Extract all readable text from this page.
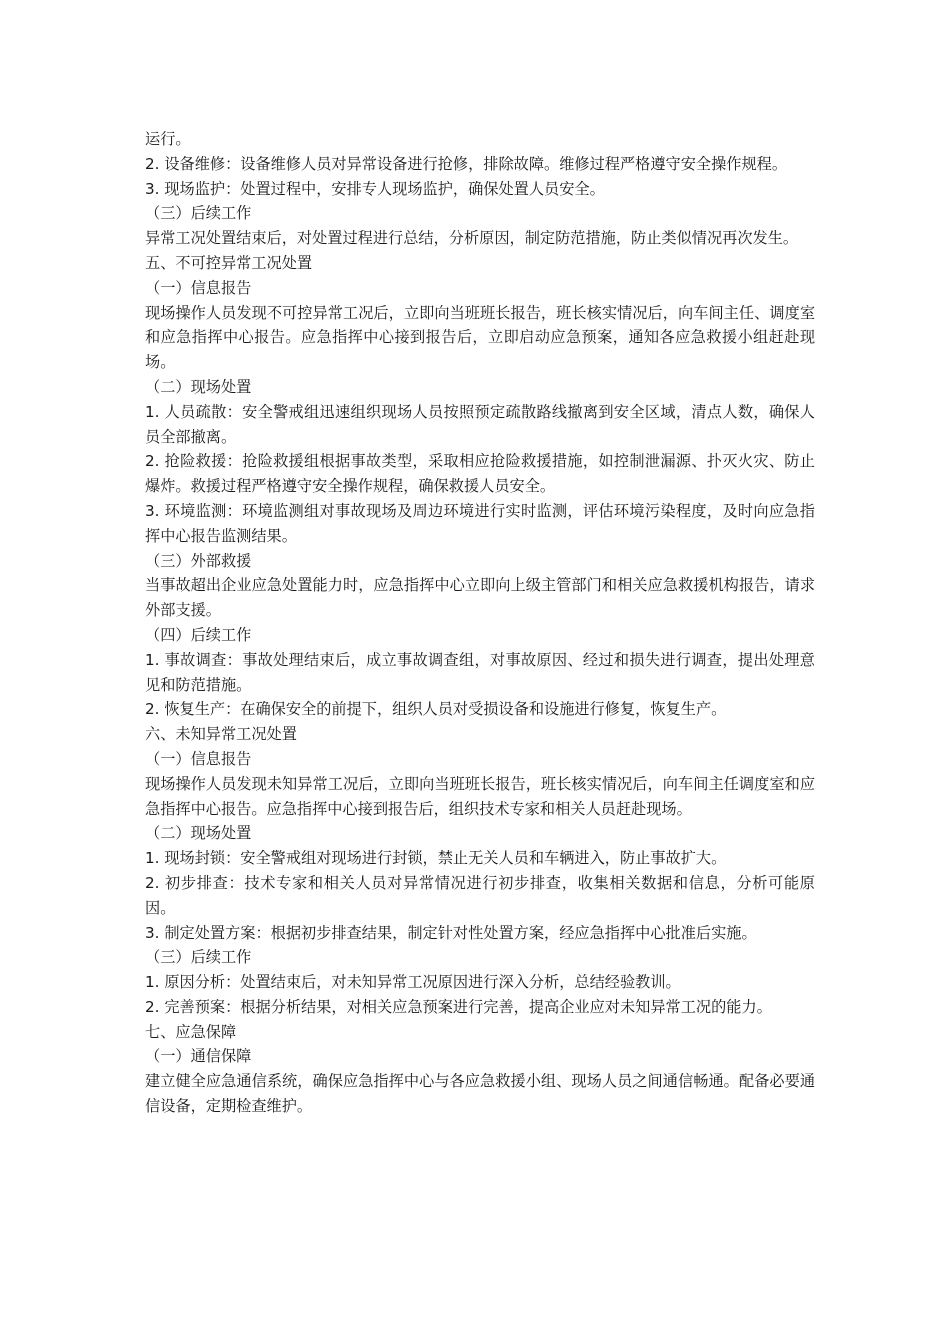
运行。

2. 设备维修：设备维修人员对异常设备进行抢修，排除故障。维修过程严格遵守安全操作规程。

3. 现场监护：处置过程中，安排专人现场监护，确保处置人员安全。

（三）后续工作

异常工况处置结束后，对处置过程进行总结，分析原因，制定防范措施，防止类似情况再次发生。

五、不可控异常工况处置

（一）信息报告

现场操作人员发现不可控异常工况后，立即向当班班长报告，班长核实情况后，向车间主任、调度室和应急指挥中心报告。应急指挥中心接到报告后，立即启动应急预案，通知各应急救援小组赶赴现场。

（二）现场处置

1. 人员疏散：安全警戒组迅速组织现场人员按照预定疏散路线撤离到安全区域，清点人数，确保人员全部撤离。

2. 抢险救援：抢险救援组根据事故类型，采取相应抢险救援措施，如控制泄漏源、扑灭火灾、防止爆炸。救援过程严格遵守安全操作规程，确保救援人员安全。

3. 环境监测：环境监测组对事故现场及周边环境进行实时监测，评估环境污染程度，及时向应急指挥中心报告监测结果。

（三）外部救援

当事故超出企业应急处置能力时，应急指挥中心立即向上级主管部门和相关应急救援机构报告，请求外部支援。

（四）后续工作

1. 事故调查：事故处理结束后，成立事故调查组，对事故原因、经过和损失进行调查，提出处理意见和防范措施。

2. 恢复生产：在确保安全的前提下，组织人员对受损设备和设施进行修复，恢复生产。

六、未知异常工况处置

（一）信息报告

现场操作人员发现未知异常工况后，立即向当班班长报告，班长核实情况后，向车间主任调度室和应急指挥中心报告。应急指挥中心接到报告后，组织技术专家和相关人员赶赴现场。

（二）现场处置

1. 现场封锁：安全警戒组对现场进行封锁，禁止无关人员和车辆进入，防止事故扩大。

2. 初步排查：技术专家和相关人员对异常情况进行初步排查，收集相关数据和信息，分析可能原因。

3. 制定处置方案：根据初步排查结果，制定针对性处置方案，经应急指挥中心批准后实施。

（三）后续工作

1. 原因分析：处置结束后，对未知异常工况原因进行深入分析，总结经验教训。

2. 完善预案：根据分析结果，对相关应急预案进行完善，提高企业应对未知异常工况的能力。

七、应急保障

（一）通信保障

建立健全应急通信系统，确保应急指挥中心与各应急救援小组、现场人员之间通信畅通。配备必要通信设备，定期检查维护。
